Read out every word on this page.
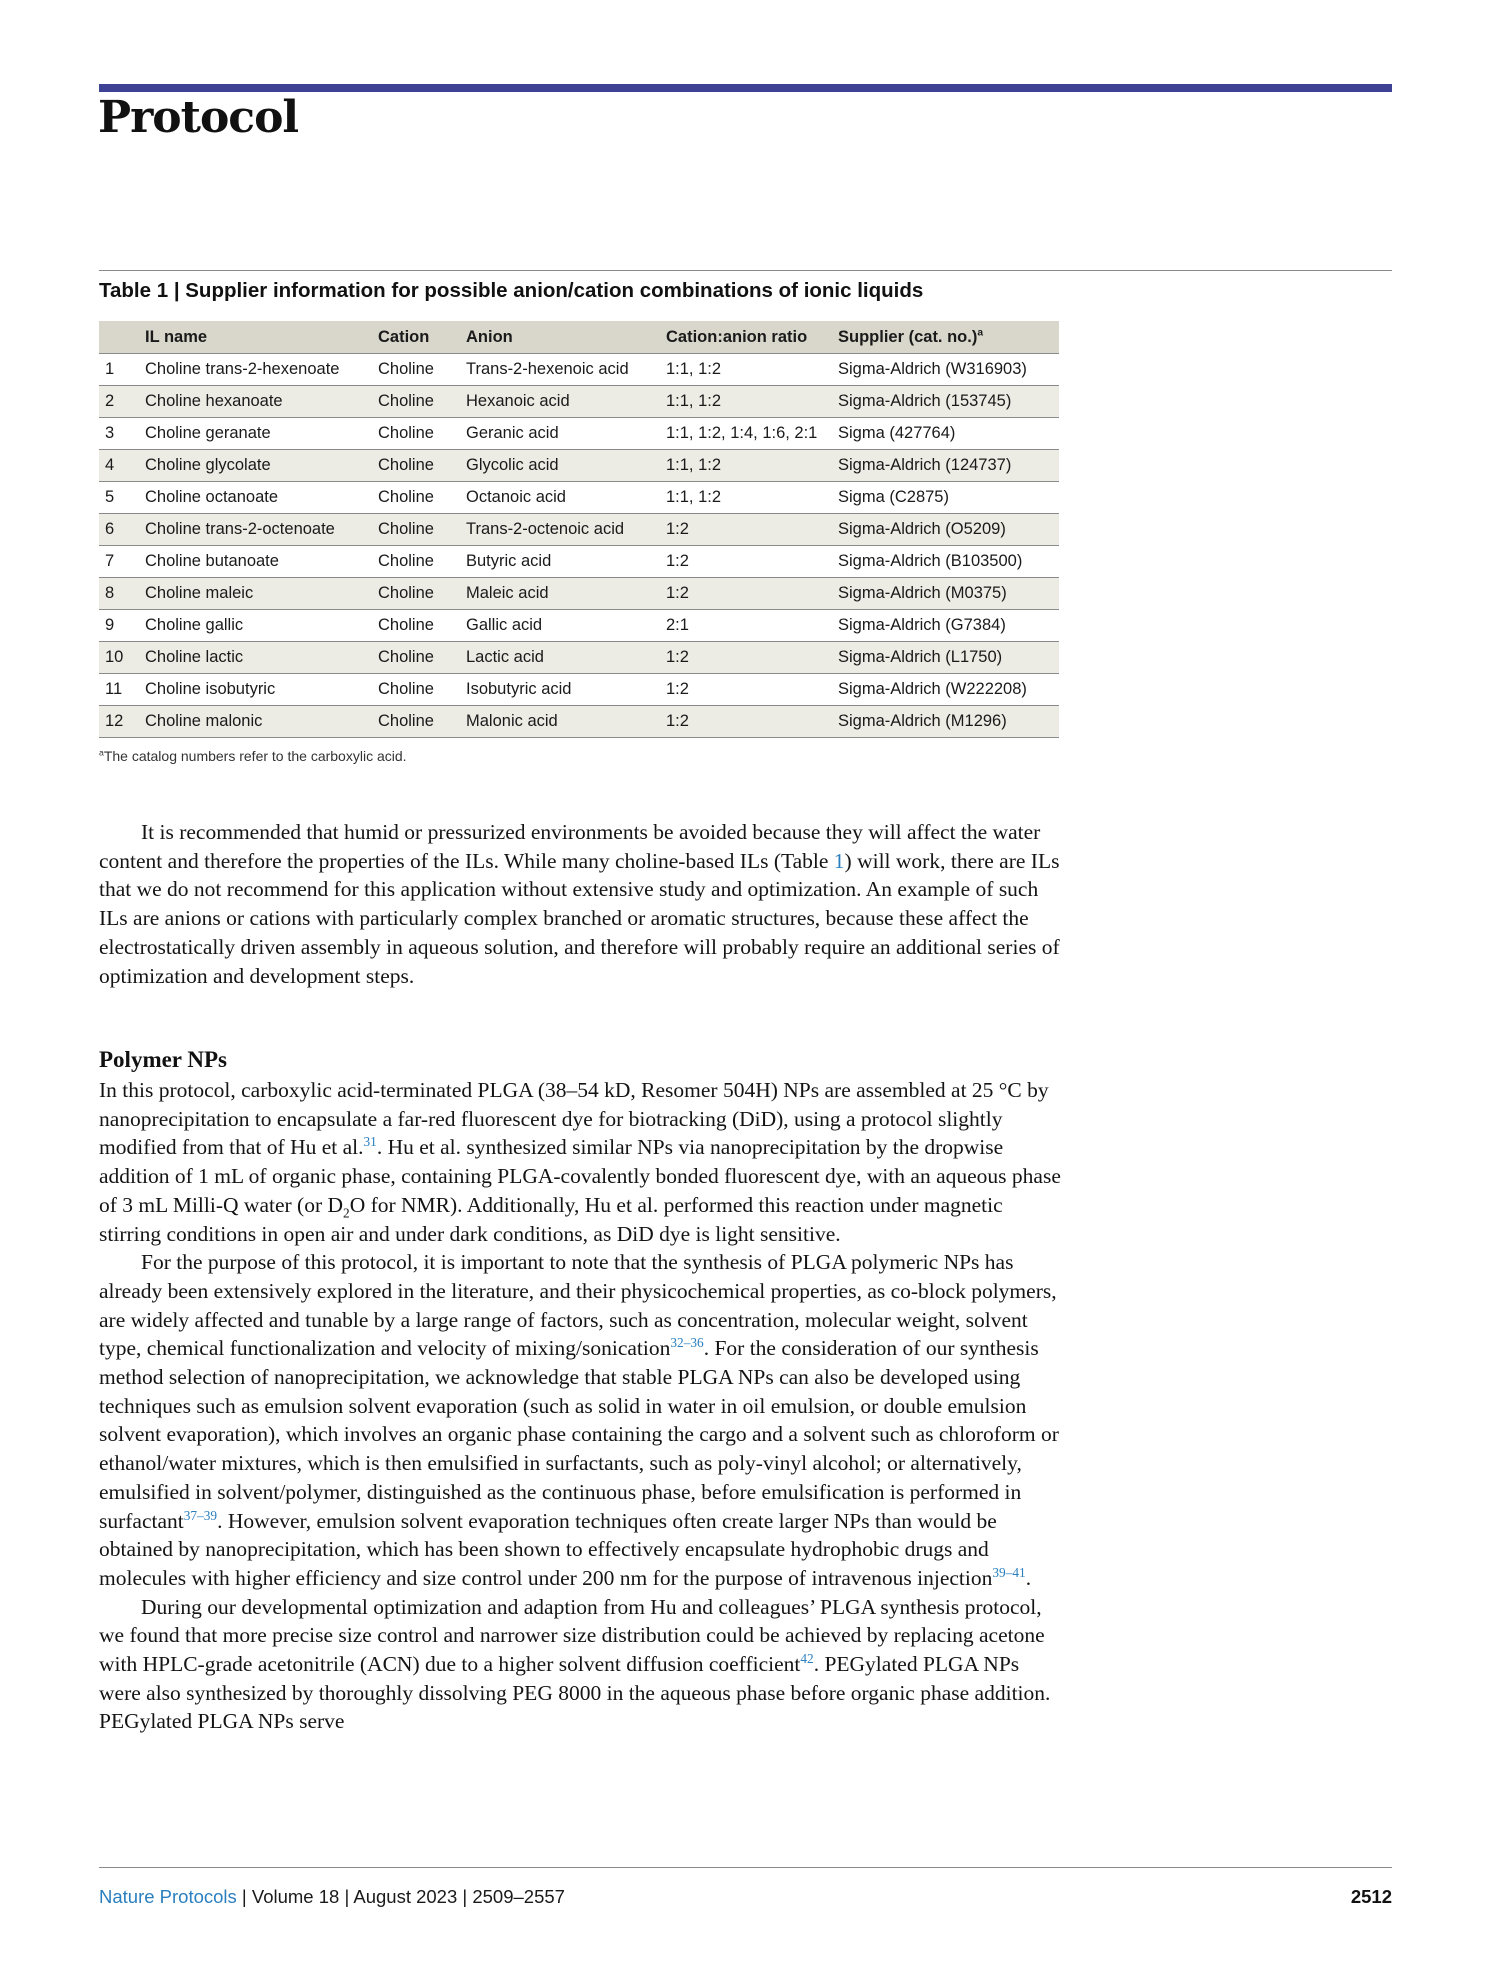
Protocol

Table 1 | Supplier information for possible anion/cation combinations of ionic liquids

	IL name	Cation	Anion	Cation:anion ratio	Supplier (cat. no.)$^a$
1	Choline trans-2-hexenoate	Choline	Trans-2-hexenoic acid	1:1, 1:2	Sigma-Aldrich (W316903)
2	Choline hexanoate	Choline	Hexanoic acid	1:1, 1:2	Sigma-Aldrich (153745)
3	Choline geranate	Choline	Geranic acid	1:1, 1:2, 1:4, 1:6, 2:1	Sigma (427764)
4	Choline glycolate	Choline	Glycolic acid	1:1, 1:2	Sigma-Aldrich (124737)
5	Choline octanoate	Choline	Octanoic acid	1:1, 1:2	Sigma (C2875)
6	Choline trans-2-octenoate	Choline	Trans-2-octenoic acid	1:2	Sigma-Aldrich (O5209)
7	Choline butanoate	Choline	Butyric acid	1:2	Sigma-Aldrich (B103500)
8	Choline maleic	Choline	Maleic acid	1:2	Sigma-Aldrich (M0375)
9	Choline gallic	Choline	Gallic acid	2:1	Sigma-Aldrich (G7384)
10	Choline lactic	Choline	Lactic acid	1:2	Sigma-Aldrich (L1750)
11	Choline isobutyric	Choline	Isobutyric acid	1:2	Sigma-Aldrich (W222208)
12	Choline malonic	Choline	Malonic acid	1:2	Sigma-Aldrich (M1296)

$^a$The catalog numbers refer to the carboxylic acid.

It is recommended that humid or pressurized environments be avoided because they will affect the water content and therefore the properties of the ILs. While many choline-based ILs (Table 1) will work, there are ILs that we do not recommend for this application without extensive study and optimization. An example of such ILs are anions or cations with particularly complex branched or aromatic structures, because these affect the electrostatically driven assembly in aqueous solution, and therefore will probably require an additional series of optimization and development steps.

Polymer NPs

In this protocol, carboxylic acid-terminated PLGA (38–54 kD, Resomer 504H) NPs are assembled at 25 °C by nanoprecipitation to encapsulate a far-red fluorescent dye for biotracking (DiD), using a protocol slightly modified from that of Hu et al.$^{31}$. Hu et al. synthesized similar NPs via nanoprecipitation by the dropwise addition of 1 mL of organic phase, containing PLGA-covalently bonded fluorescent dye, with an aqueous phase of 3 mL Milli-Q water (or $D_2O$ for NMR). Additionally, Hu et al. performed this reaction under magnetic stirring conditions in open air and under dark conditions, as DiD dye is light sensitive.

For the purpose of this protocol, it is important to note that the synthesis of PLGA polymeric NPs has already been extensively explored in the literature, and their physicochemical properties, as co-block polymers, are widely affected and tunable by a large range of factors, such as concentration, molecular weight, solvent type, chemical functionalization and velocity of mixing/sonication$^{32-36}$. For the consideration of our synthesis method selection of nanoprecipitation, we acknowledge that stable PLGA NPs can also be developed using techniques such as emulsion solvent evaporation (such as solid in water in oil emulsion, or double emulsion solvent evaporation), which involves an organic phase containing the cargo and a solvent such as chloroform or ethanol/water mixtures, which is then emulsified in surfactants, such as poly-vinyl alcohol; or alternatively, emulsified in solvent/polymer, distinguished as the continuous phase, before emulsification is performed in surfactant$^{37-39}$. However, emulsion solvent evaporation techniques often create larger NPs than would be obtained by nanoprecipitation, which has been shown to effectively encapsulate hydrophobic drugs and molecules with higher efficiency and size control under 200 nm for the purpose of intravenous injection$^{39-41}$.

During our developmental optimization and adaption from Hu and colleagues’ PLGA synthesis protocol, we found that more precise size control and narrower size distribution could be achieved by replacing acetone with HPLC-grade acetonitrile (ACN) due to a higher solvent diffusion coefficient$^{42}$. PEGylated PLGA NPs were also synthesized by thoroughly dissolving PEG 8000 in the aqueous phase before organic phase addition. PEGylated PLGA NPs serve

Nature Protocols | Volume 18 | August 2023 | 2509–2557	2512
